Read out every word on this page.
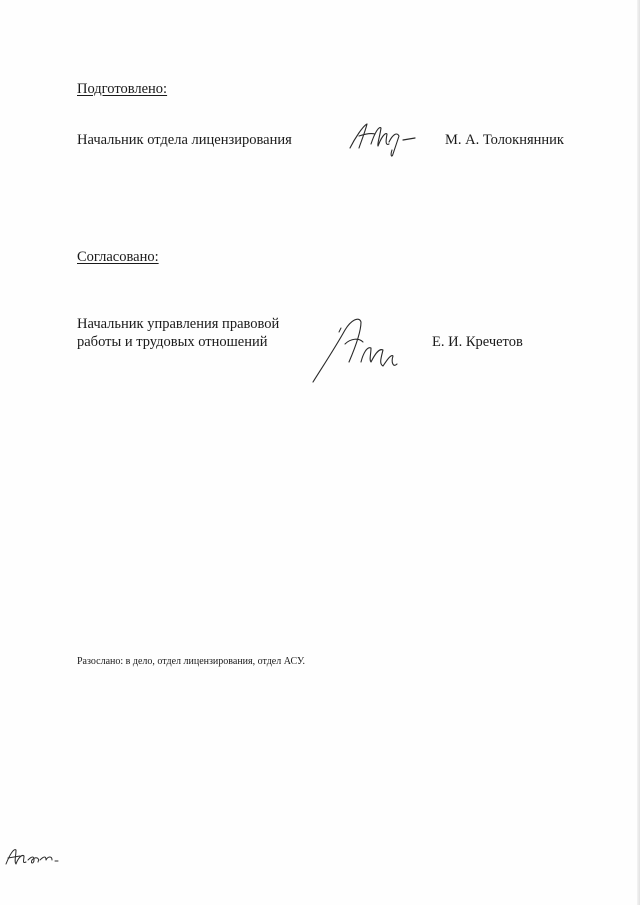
Подготовлено:

Начальник отдела лицензирования	М. А. Толокнянник

Согласовано:

Начальник управления правовой

работы и трудовых отношений	Е. И. Кречетов

Разослано: в дело, отдел лицензирования, отдел АСУ.
